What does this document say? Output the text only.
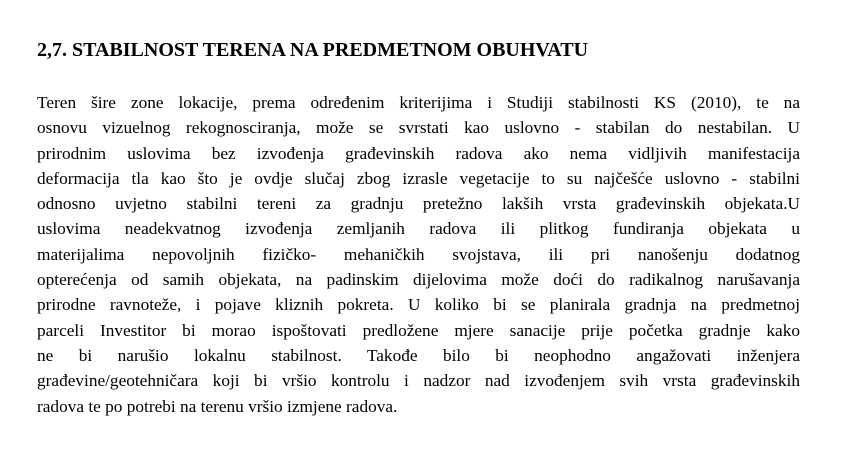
2,7. STABILNOST TERENA NA PREDMETNOM OBUHVATU
Teren šire zone lokacije, prema određenim kriterijima i Studiji stabilnosti KS (2010), te na
osnovu vizuelnog rekognosciranja, može se svrstati kao uslovno - stabilan do nestabilan. U
prirodnim uslovima bez izvođenja građevinskih radova ako nema vidljivih manifestacija
deformacija tla kao što je ovdje slučaj zbog izrasle vegetacije to su najčešće uslovno - stabilni
odnosno uvjetno stabilni tereni za gradnju pretežno lakših vrsta građevinskih objekata.U
uslovima neadekvatnog izvođenja zemljanih radova ili plitkog fundiranja objekata u
materijalima nepovoljnih fizičko- mehaničkih svojstava, ili pri nanošenju dodatnog
opterećenja od samih objekata, na padinskim dijelovima može doći do radikalnog narušavanja
prirodne ravnoteže, i pojave kliznih pokreta. U koliko bi se planirala gradnja na predmetnoj
parceli Investitor bi morao ispoštovati predložene mjere sanacije prije početka gradnje kako
ne bi narušio lokalnu stabilnost. Takođe bilo bi neophodno angažovati inženjera
građevine/geotehničara koji bi vršio kontrolu i nadzor nad izvođenjem svih vrsta građevinskih
radova te po potrebi na terenu vršio izmjene radova.
